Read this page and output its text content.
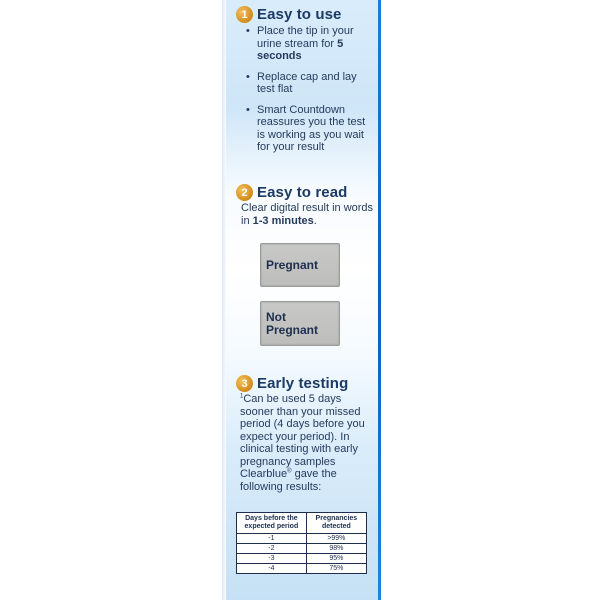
1 Easy to use
• Place the tip in your urine stream for 5 seconds
• Replace cap and lay test flat
• Smart Countdown reassures you the test is working as you wait for your result
2 Easy to read
Clear digital result in words in 1-3 minutes.
Pregnant
Not
Pregnant
3 Early testing
$^1$Can be used 5 days sooner than your missed period (4 days before you expect your period). In clinical testing with early pregnancy samples Clearblue® gave the following results:
Days before the expected period	Pregnancies detected
-1	>99%
-2	98%
-3	95%
-4	75%
